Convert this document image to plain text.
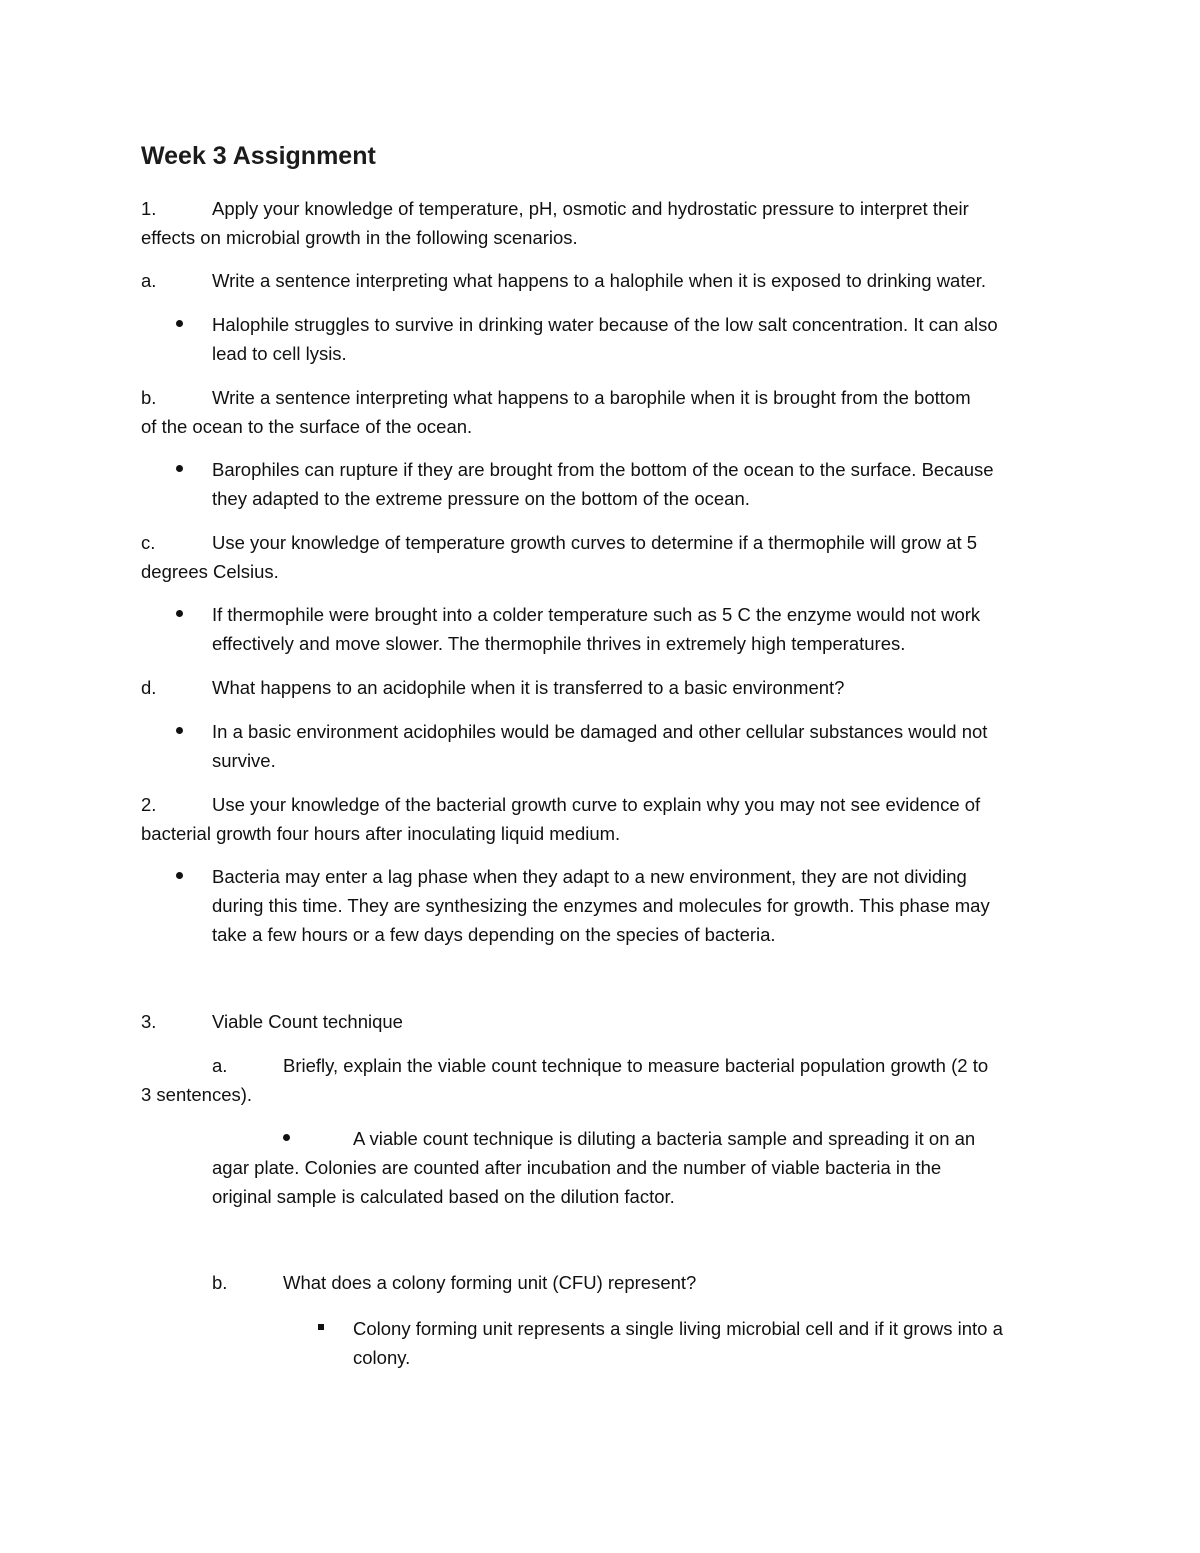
Week 3 Assignment
1.	Apply your knowledge of temperature, pH, osmotic and hydrostatic pressure to interpret their
effects on microbial growth in the following scenarios.
a.	Write a sentence interpreting what happens to a halophile when it is exposed to drinking water.
Halophile struggles to survive in drinking water because of the low salt concentration. It can also
lead to cell lysis.
b.	Write a sentence interpreting what happens to a barophile when it is brought from the bottom
of the ocean to the surface of the ocean.
Barophiles can rupture if they are brought from the bottom of the ocean to the surface. Because
they adapted to the extreme pressure on the bottom of the ocean.
c.	Use your knowledge of temperature growth curves to determine if a thermophile will grow at 5
degrees Celsius.
If thermophile were brought into a colder temperature such as 5 C the enzyme would not work
effectively and move slower. The thermophile thrives in extremely high temperatures.
d.	What happens to an acidophile when it is transferred to a basic environment?
In a basic environment acidophiles would be damaged and other cellular substances would not
survive.
2.	Use your knowledge of the bacterial growth curve to explain why you may not see evidence of
bacterial growth four hours after inoculating liquid medium.
Bacteria may enter a lag phase when they adapt to a new environment, they are not dividing
during this time. They are synthesizing the enzymes and molecules for growth. This phase may
take a few hours or a few days depending on the species of bacteria.
3.	Viable Count technique
a.	Briefly, explain the viable count technique to measure bacterial population growth (2 to
3 sentences).
A viable count technique is diluting a bacteria sample and spreading it on an
agar plate. Colonies are counted after incubation and the number of viable bacteria in the
original sample is calculated based on the dilution factor.
b.	What does a colony forming unit (CFU) represent?
Colony forming unit represents a single living microbial cell and if it grows into a
colony.
